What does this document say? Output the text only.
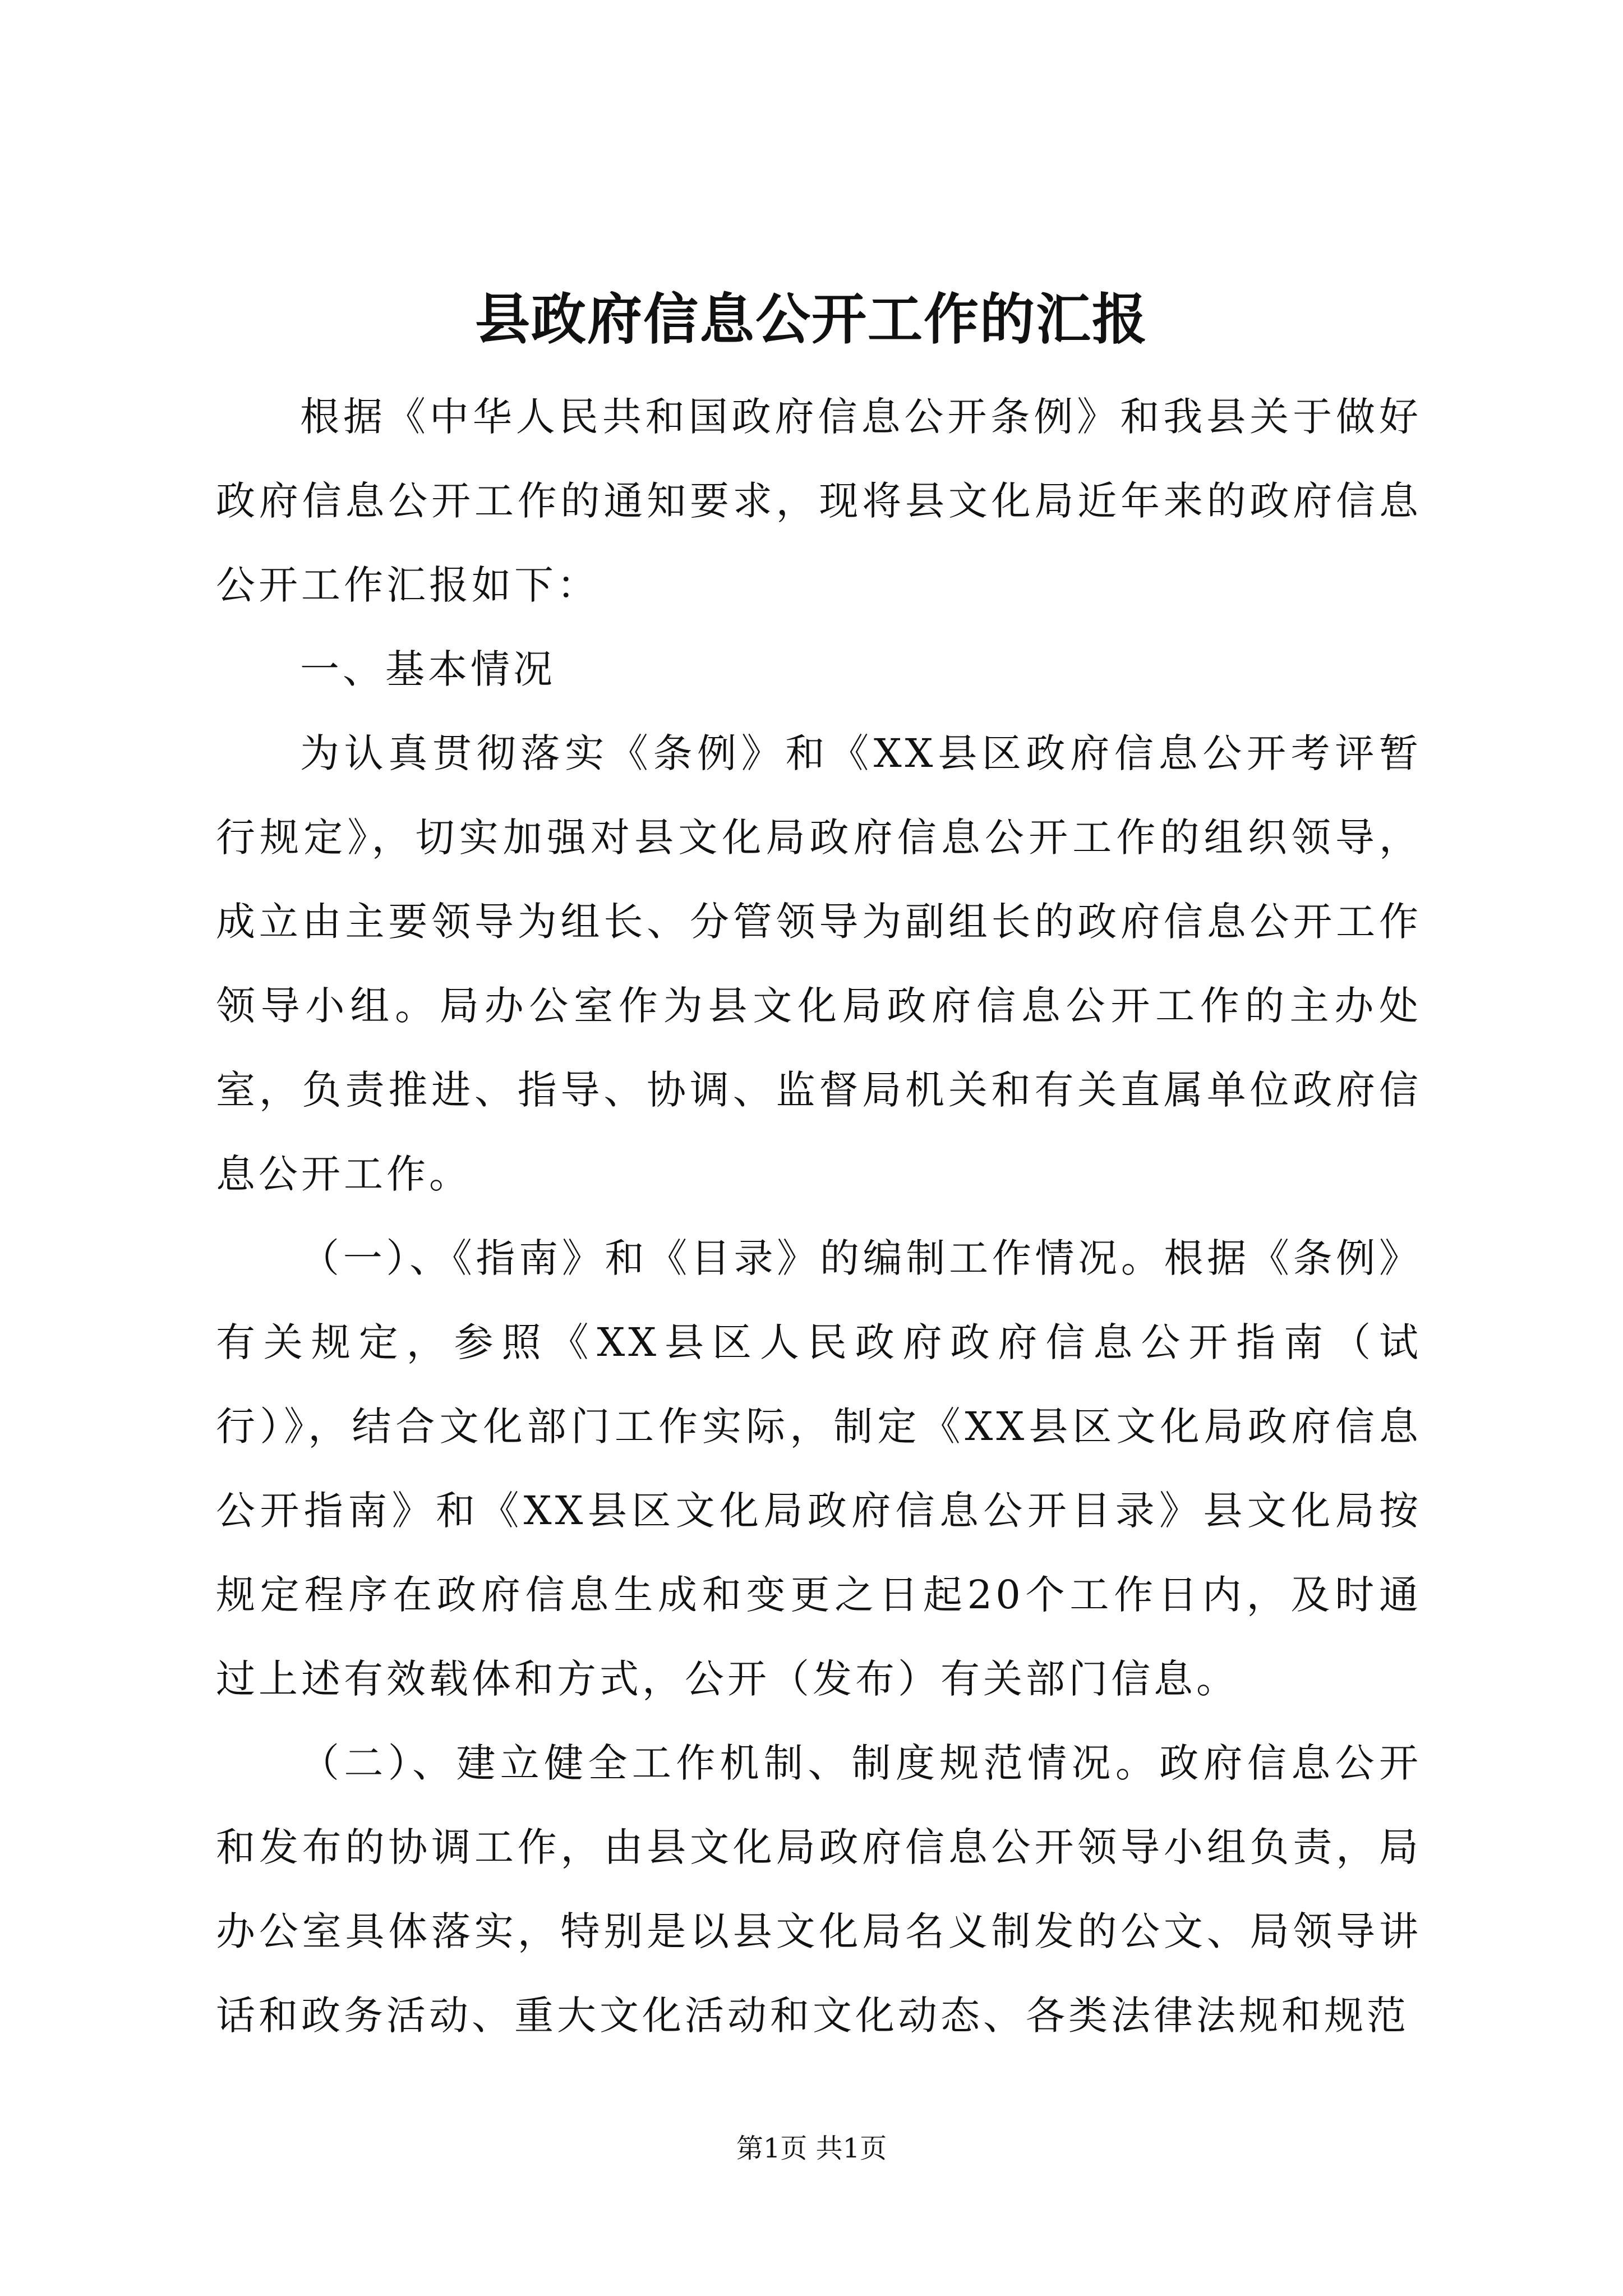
县政府信息公开工作的汇报

根据《中华人民共和国政府信息公开条例》和我县关于做好政府信息公开工作的通知要求，现将县文化局近年来的政府信息公开工作汇报如下：

一、基本情况

为认真贯彻落实《条例》和《XX县区政府信息公开考评暂行规定》，切实加强对县文化局政府信息公开工作的组织领导，成立由主要领导为组长、分管领导为副组长的政府信息公开工作领导小组。局办公室作为县文化局政府信息公开工作的主办处室，负责推进、指导、协调、监督局机关和有关直属单位政府信息公开工作。

（一）、《指南》和《目录》的编制工作情况。根据《条例》有关规定，参照《XX县区人民政府政府信息公开指南（试行）》，结合文化部门工作实际，制定《XX县区文化局政府信息公开指南》和《XX县区文化局政府信息公开目录》县文化局按规定程序在政府信息生成和变更之日起20个工作日内，及时通过上述有效载体和方式，公开（发布）有关部门信息。

（二）、建立健全工作机制、制度规范情况。政府信息公开和发布的协调工作，由县文化局政府信息公开领导小组负责，局办公室具体落实，特别是以县文化局名义制发的公文、局领导讲话和政务活动、重大文化活动和文化动态、各类法律法规和规范

第1页 共1页
